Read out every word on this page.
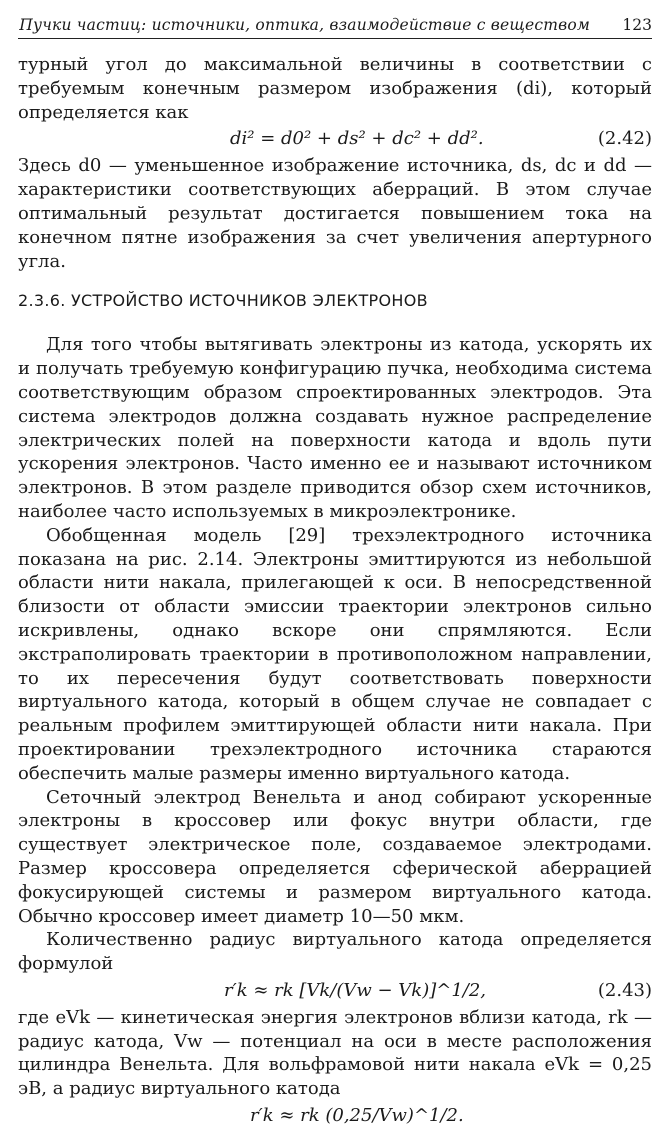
Пучки частиц: источники, оптика, взаимодействие с веществом 123

турный угол до максимальной величины в соответствии с требуемым конечным размером изображения (di), который определяется как

di² = d0² + ds² + dc² + dd².	(2.42)

Здесь d0 — уменьшенное изображение источника, ds, dc и dd — характеристики соответствующих аберраций. В этом случае оптимальный результат достигается повышением тока на конечном пятне изображения за счет увеличения апертурного угла.

2.3.6. УСТРОЙСТВО ИСТОЧНИКОВ ЭЛЕКТРОНОВ

Для того чтобы вытягивать электроны из катода, ускорять их и получать требуемую конфигурацию пучка, необходима система соответствующим образом спроектированных электродов. Эта система электродов должна создавать нужное распределение электрических полей на поверхности катода и вдоль пути ускорения электронов. Часто именно ее и называют источником электронов. В этом разделе приводится обзор схем источников, наиболее часто используемых в микроэлектронике.

Обобщенная модель [29] трехэлектродного источника показана на рис. 2.14. Электроны эмиттируются из небольшой области нити накала, прилегающей к оси. В непосредственной близости от области эмиссии траектории электронов сильно искривлены, однако вскоре они спрямляются. Если экстраполировать траектории в противоположном направлении, то их пересечения будут соответствовать поверхности виртуального катода, который в общем случае не совпадает с реальным профилем эмиттирующей области нити накала. При проектировании трехэлектродного источника стараются обеспечить малые размеры именно виртуального катода.

Сеточный электрод Венельта и анод собирают ускоренные электроны в кроссовер или фокус внутри области, где существует электрическое поле, создаваемое электродами. Размер кроссовера определяется сферической аберрацией фокусирующей системы и размером виртуального катода. Обычно кроссовер имеет диаметр 10—50 мкм.

Количественно радиус виртуального катода определяется формулой

r′k ≈ rk [Vk/(Vw − Vk)]^1/2,	(2.43)

где eVk — кинетическая энергия электронов вблизи катода, rk — радиус катода, Vw — потенциал на оси в месте расположения цилиндра Венельта. Для вольфрамовой нити накала eVk = 0,25 эВ, а радиус виртуального катода

r′k ≈ rk (0,25/Vw)^1/2.
